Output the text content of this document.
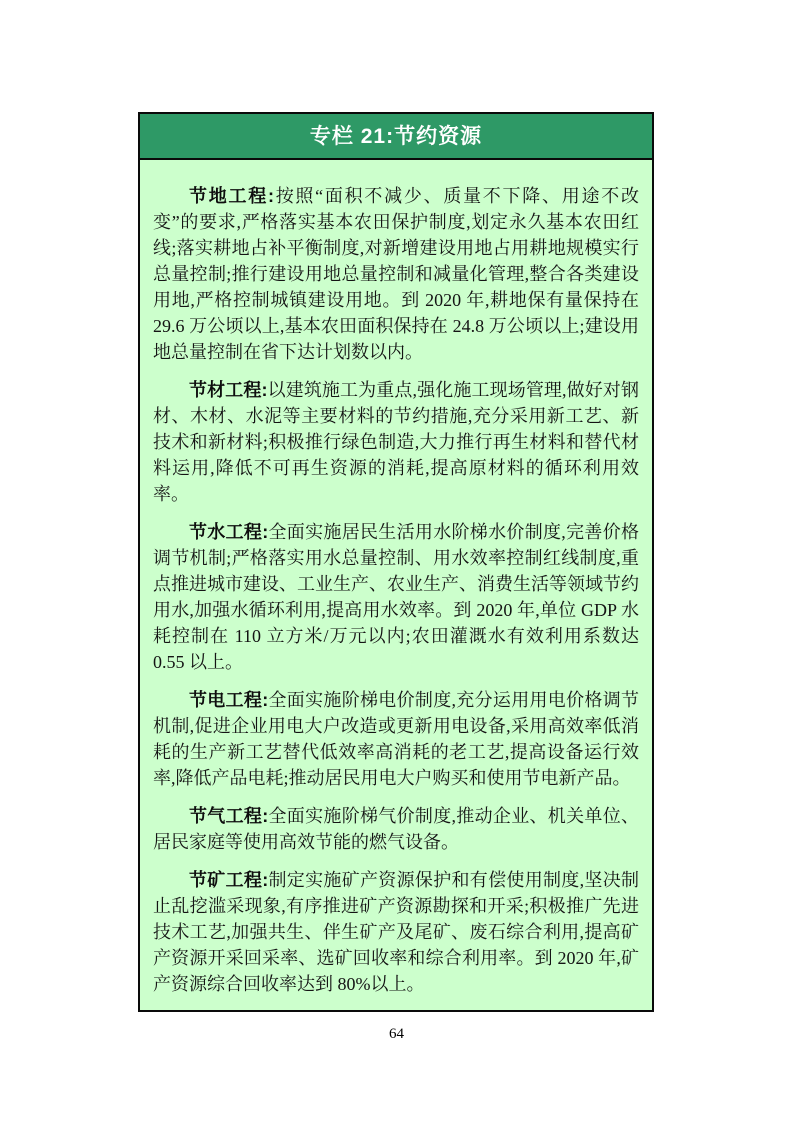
专栏 21:节约资源

节地工程:按照“面积不减少、质量不下降、用途不改变”的要求,严格落实基本农田保护制度,划定永久基本农田红线;落实耕地占补平衡制度,对新增建设用地占用耕地规模实行总量控制;推行建设用地总量控制和减量化管理,整合各类建设用地,严格控制城镇建设用地。到 2020 年,耕地保有量保持在 29.6 万公顷以上,基本农田面积保持在 24.8 万公顷以上;建设用地总量控制在省下达计划数以内。

节材工程:以建筑施工为重点,强化施工现场管理,做好对钢材、木材、水泥等主要材料的节约措施,充分采用新工艺、新技术和新材料;积极推行绿色制造,大力推行再生材料和替代材料运用,降低不可再生资源的消耗,提高原材料的循环利用效率。

节水工程:全面实施居民生活用水阶梯水价制度,完善价格调节机制;严格落实用水总量控制、用水效率控制红线制度,重点推进城市建设、工业生产、农业生产、消费生活等领域节约用水,加强水循环利用,提高用水效率。到 2020 年,单位 GDP 水耗控制在 110 立方米/万元以内;农田灌溉水有效利用系数达 0.55 以上。

节电工程:全面实施阶梯电价制度,充分运用用电价格调节机制,促进企业用电大户改造或更新用电设备,采用高效率低消耗的生产新工艺替代低效率高消耗的老工艺,提高设备运行效率,降低产品电耗;推动居民用电大户购买和使用节电新产品。

节气工程:全面实施阶梯气价制度,推动企业、机关单位、居民家庭等使用高效节能的燃气设备。

节矿工程:制定实施矿产资源保护和有偿使用制度,坚决制止乱挖滥采现象,有序推进矿产资源勘探和开采;积极推广先进技术工艺,加强共生、伴生矿产及尾矿、废石综合利用,提高矿产资源开采回采率、选矿回收率和综合利用率。到 2020 年,矿产资源综合回收率达到 80%以上。

64
